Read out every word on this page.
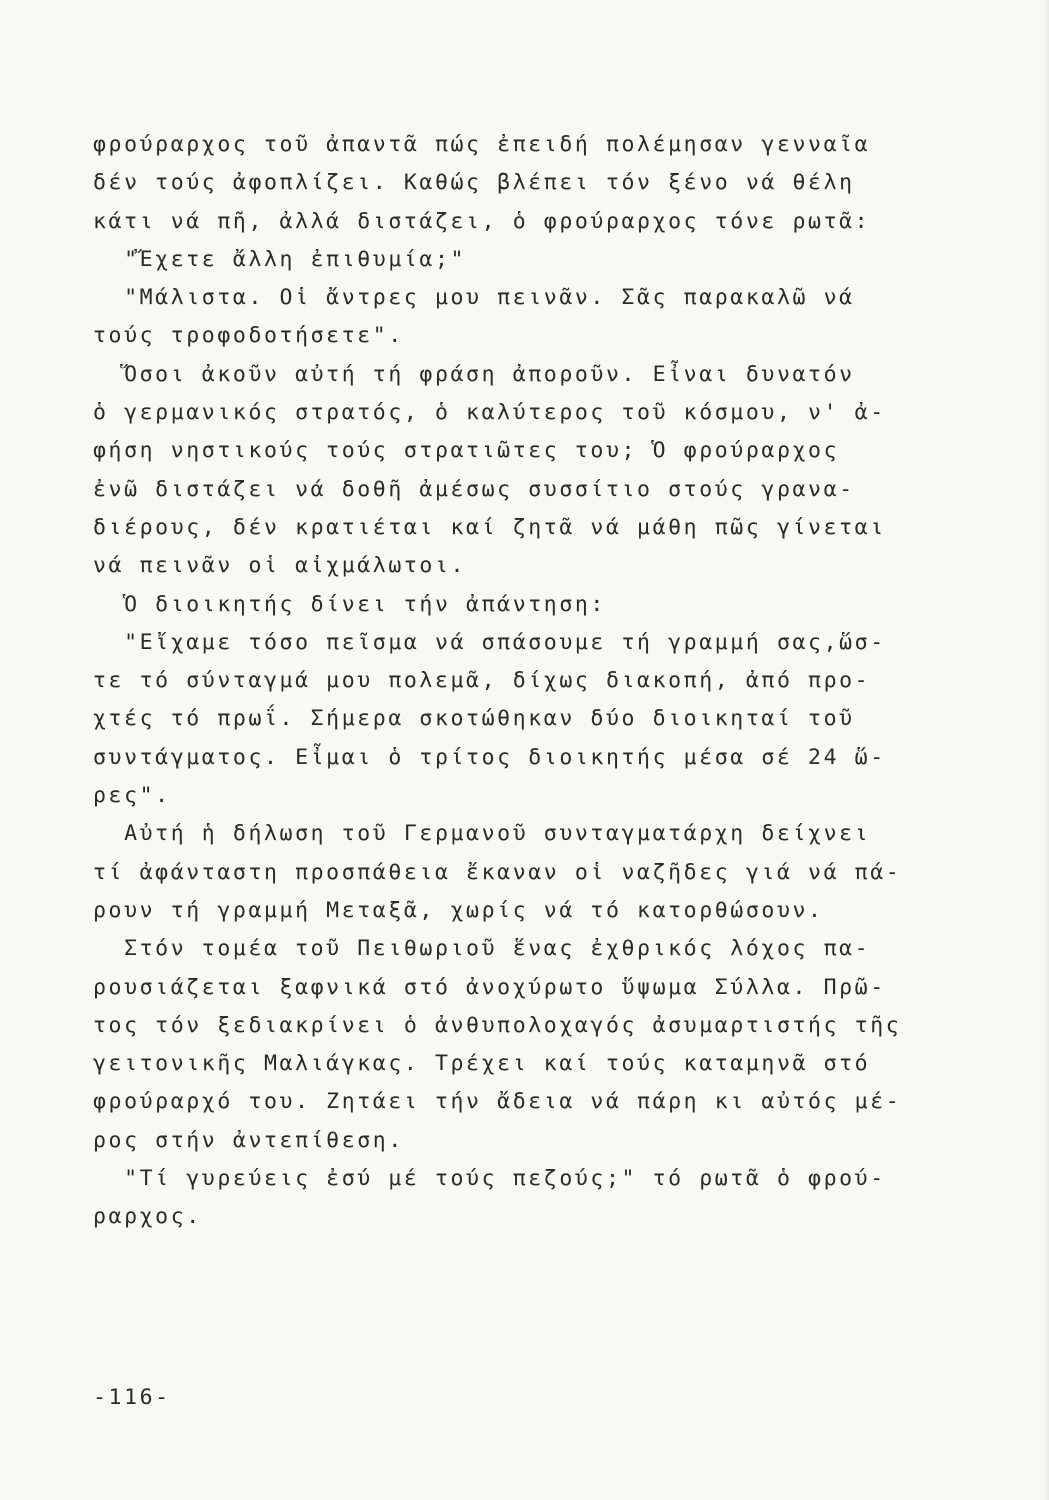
φρούραρχος τοῦ ἀπαντᾶ πώς ἐπειδή πολέμησαν γενναῖα
δέν τούς ἀφοπλίζει. Καθώς βλέπει τόν ξένο νά θέλη
κάτι νά πῆ, ἀλλά διστάζει, ὁ φρούραρχος τόνε ρωτᾶ:
"Ἔχετε ἄλλη ἐπιθυμία;"
"Μάλιστα. Οἱ ἄντρες μου πεινᾶν. Σᾶς παρακαλῶ νά
τούς τροφοδοτήσετε".
Ὅσοι ἀκοῦν αὐτή τή φράση ἀποροῦν. Εἶναι δυνατόν
ὁ γερμανικός στρατός, ὁ καλύτερος τοῦ κόσμου, ν' ἀ-
φήση νηστικούς τούς στρατιῶτες του; Ὁ φρούραρχος
ἐνῶ διστάζει νά δοθῆ ἀμέσως συσσίτιο στούς γρανα-
διέρους, δέν κρατιέται καί ζητᾶ νά μάθη πῶς γίνεται
νά πεινᾶν οἱ αἰχμάλωτοι.
Ὁ διοικητής δίνει τήν ἀπάντηση:
"Εἴχαμε τόσο πεῖσμα νά σπάσουμε τή γραμμή σας,ὥσ-
τε τό σύνταγμά μου πολεμᾶ, δίχως διακοπή, ἀπό προ-
χτές τό πρωΐ. Σήμερα σκοτώθηκαν δύο διοικηταί τοῦ
συντάγματος. Εἶμαι ὁ τρίτος διοικητής μέσα σέ 24 ὥ-
ρες".
Αὐτή ἡ δήλωση τοῦ Γερμανοῦ συνταγματάρχη δείχνει
τί ἀφάνταστη προσπάθεια ἔκαναν οἱ ναζῆδες γιά νά πά-
ρουν τή γραμμή Μεταξᾶ, χωρίς νά τό κατορθώσουν.
Στόν τομέα τοῦ Πειθωριοῦ ἕνας ἐχθρικός λόχος πα-
ρουσιάζεται ξαφνικά στό ἀνοχύρωτο ὕψωμα Σύλλα. Πρῶ-
τος τόν ξεδιακρίνει ὁ ἀνθυπολοχαγός ἀσυμαρτιστής τῆς
γειτονικῆς Μαλιάγκας. Τρέχει καί τούς καταμηνᾶ στό
φρούραρχό του. Ζητάει τήν ἄδεια νά πάρη κι αὐτός μέ-
ρος στήν ἀντεπίθεση.
"Τί γυρεύεις ἐσύ μέ τούς πεζούς;" τό ρωτᾶ ὁ φρού-
ραρχος.
-116-
